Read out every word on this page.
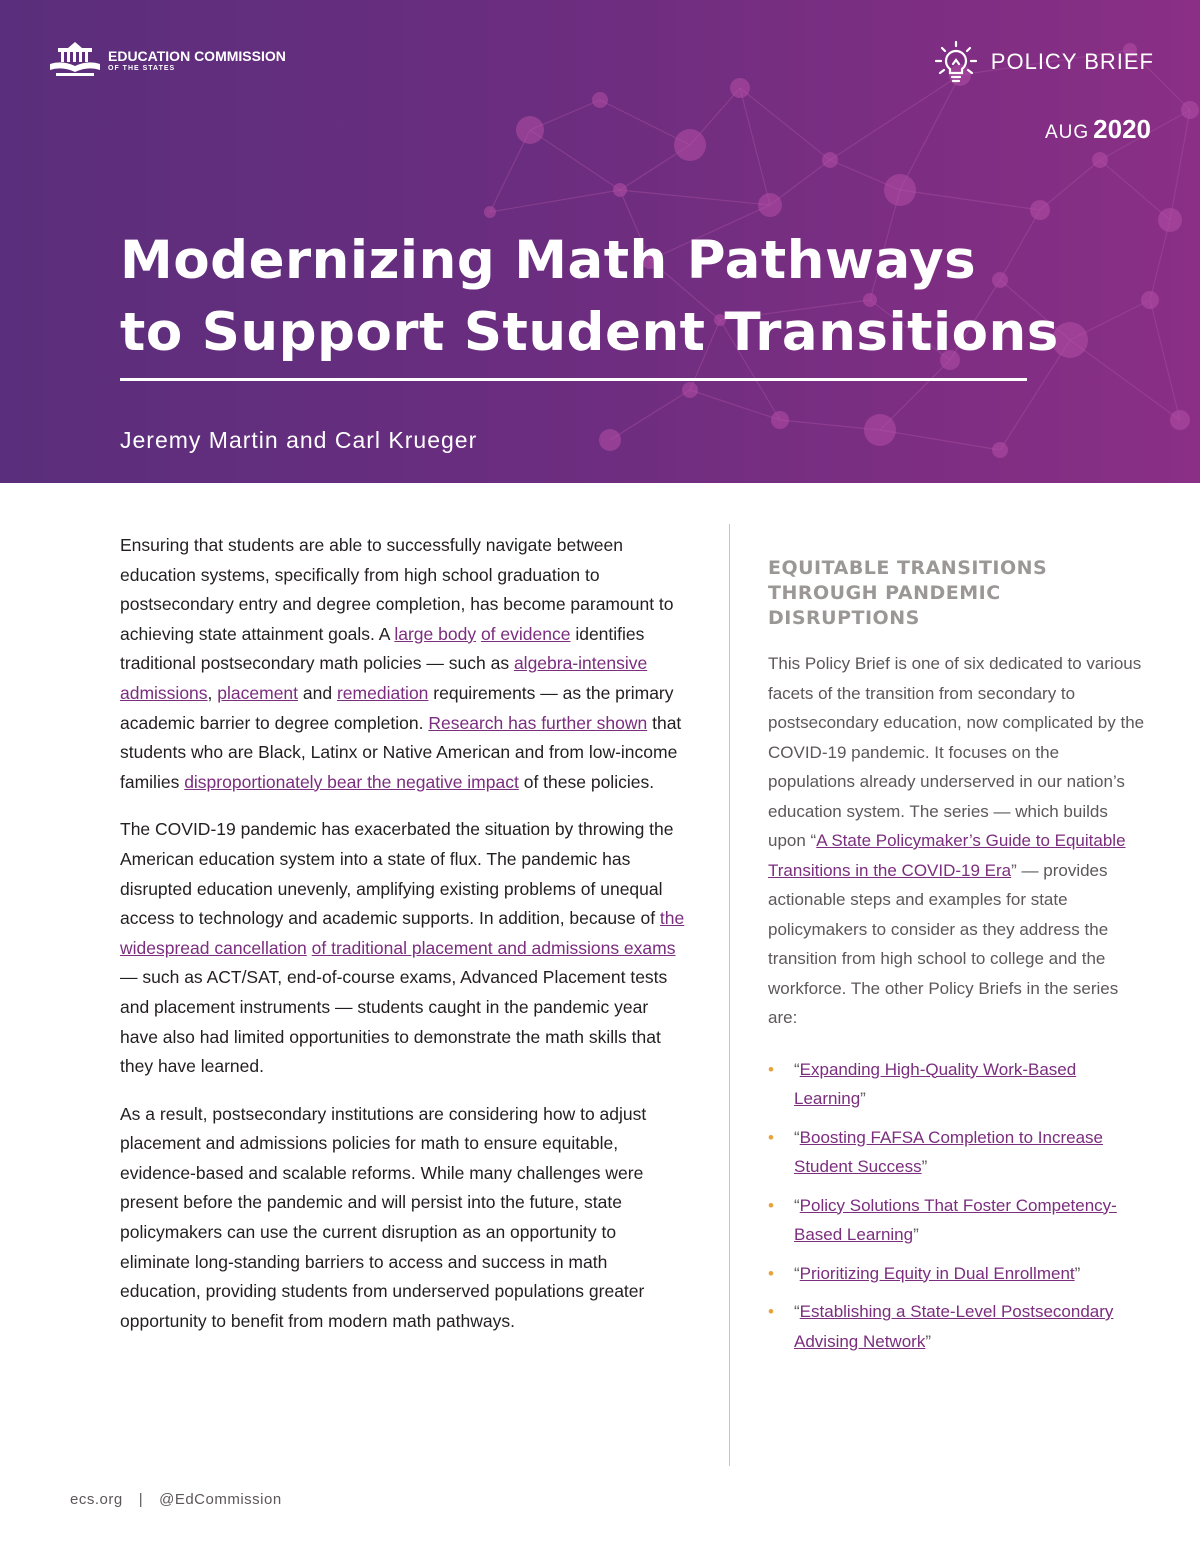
EDUCATION COMMISSION
OF THE STATES	POLICY BRIEF
AUG 2020
Modernizing Math Pathways
to Support Student Transitions
Jeremy Martin and Carl Krueger

Ensuring that students are able to successfully navigate between education systems, specifically from high school graduation to postsecondary entry and degree completion, has become paramount to achieving state attainment goals. A large body of evidence identifies traditional postsecondary math policies — such as algebra-intensive admissions, placement and remediation requirements — as the primary academic barrier to degree completion. Research has further shown that students who are Black, Latinx or Native American and from low-income families disproportionately bear the negative impact of these policies.

The COVID-19 pandemic has exacerbated the situation by throwing the American education system into a state of flux. The pandemic has disrupted education unevenly, amplifying existing problems of unequal access to technology and academic supports. In addition, because of the widespread cancellation of traditional placement and admissions exams — such as ACT/SAT, end-of-course exams, Advanced Placement tests and placement instruments — students caught in the pandemic year have also had limited opportunities to demonstrate the math skills that they have learned.

As a result, postsecondary institutions are considering how to adjust placement and admissions policies for math to ensure equitable, evidence-based and scalable reforms. While many challenges were present before the pandemic and will persist into the future, state policymakers can use the current disruption as an opportunity to eliminate long-standing barriers to access and success in math education, providing students from underserved populations greater opportunity to benefit from modern math pathways.

EQUITABLE TRANSITIONS THROUGH PANDEMIC DISRUPTIONS
This Policy Brief is one of six dedicated to various facets of the transition from secondary to postsecondary education, now complicated by the COVID-19 pandemic. It focuses on the populations already underserved in our nation’s education system. The series — which builds upon “A State Policymaker’s Guide to Equitable Transitions in the COVID-19 Era” — provides actionable steps and examples for state policymakers to consider as they address the transition from high school to college and the workforce. The other Policy Briefs in the series are:
• “Expanding High-Quality Work-Based Learning”
• “Boosting FAFSA Completion to Increase Student Success”
• “Policy Solutions That Foster Competency-Based Learning”
• “Prioritizing Equity in Dual Enrollment”
• “Establishing a State-Level Postsecondary Advising Network”
ecs.org | @EdCommission
